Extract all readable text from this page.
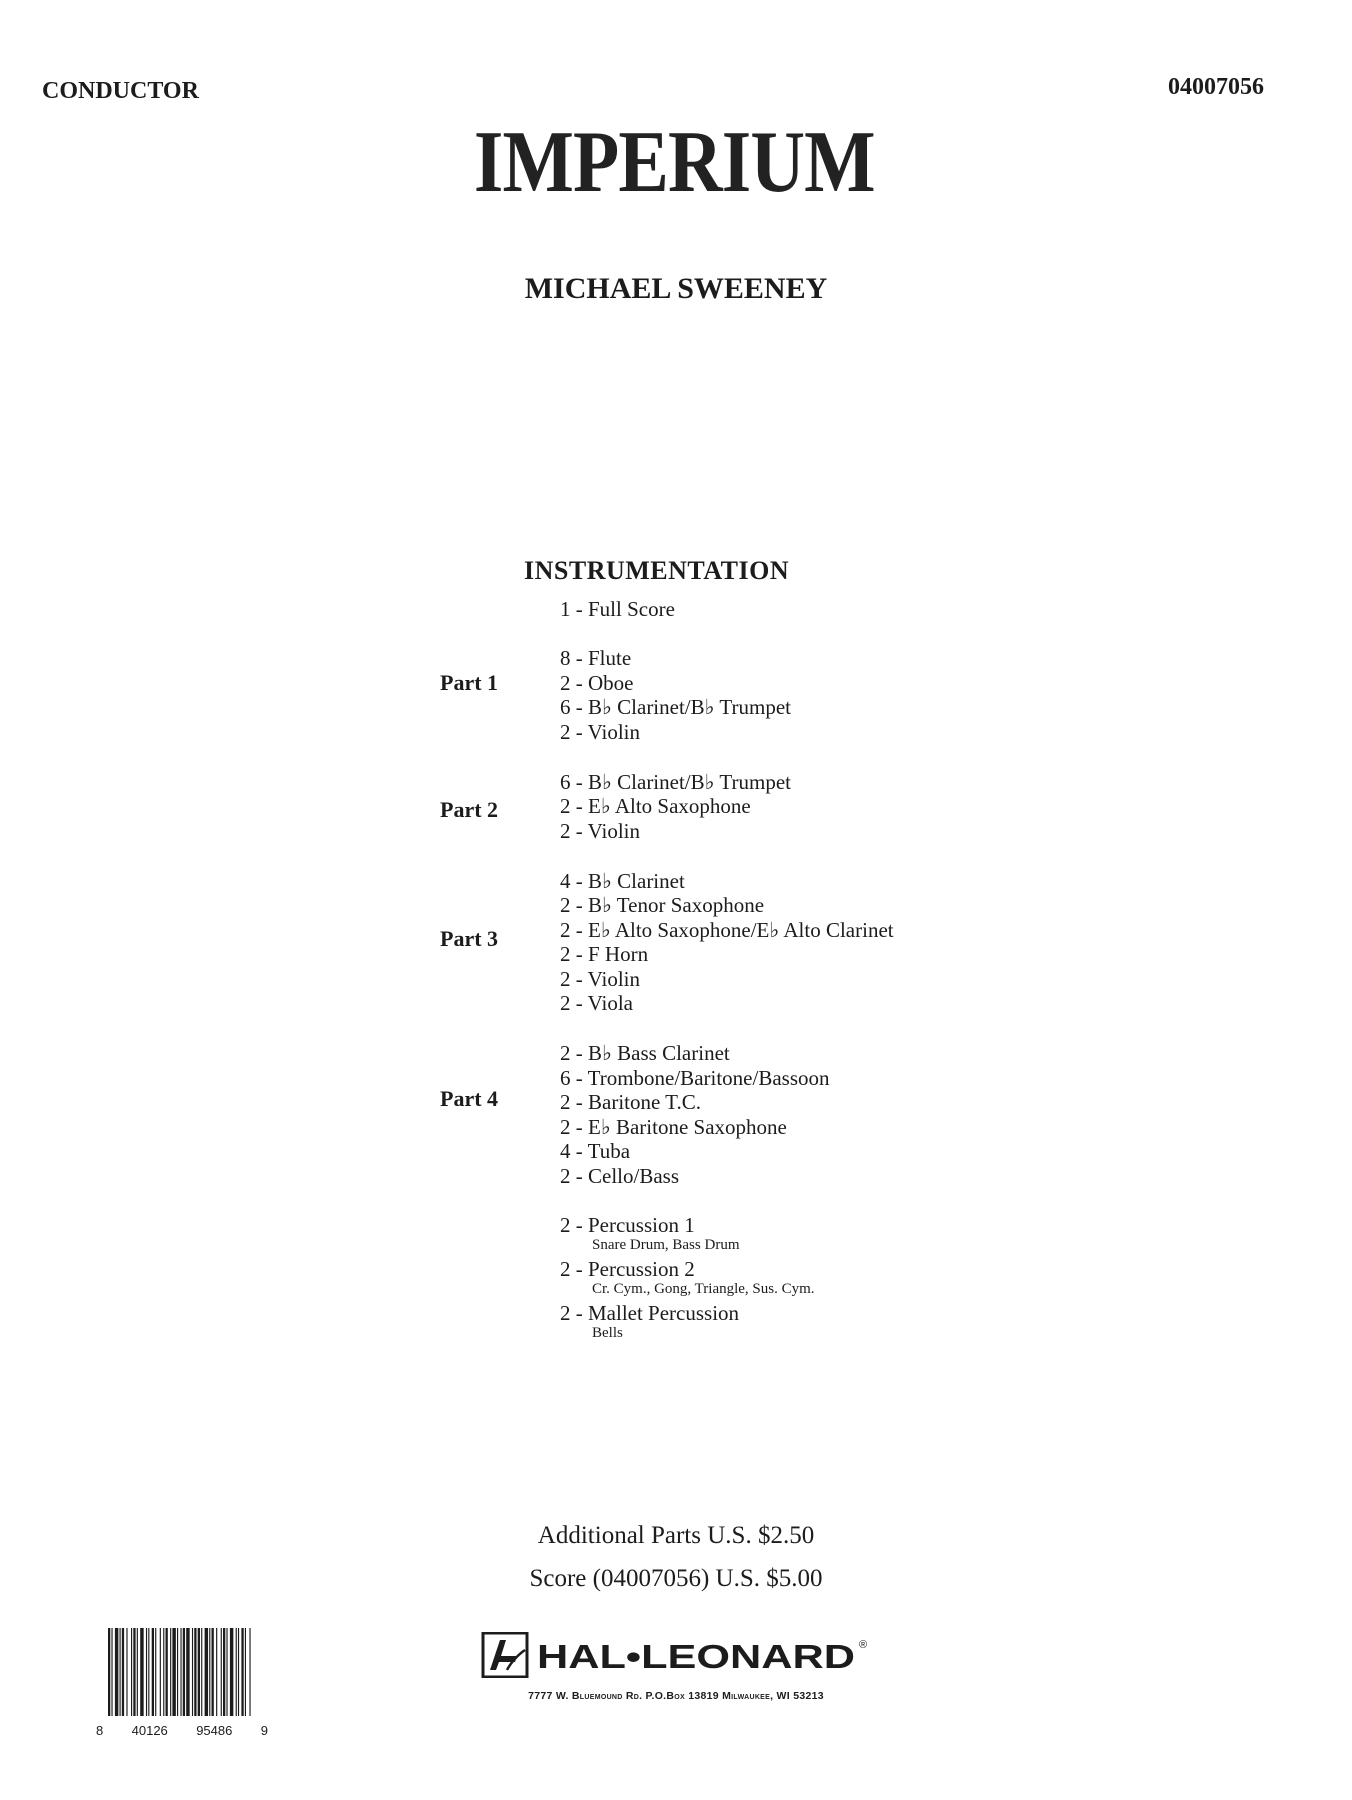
CONDUCTOR	04007056
IMPERIUM
MICHAEL SWEENEY
INSTRUMENTATION
1 - Full Score
Part 1
8 - Flute
2 - Oboe
6 - B♭ Clarinet/B♭ Trumpet
2 - Violin
Part 2
6 - B♭ Clarinet/B♭ Trumpet
2 - E♭ Alto Saxophone
2 - Violin
Part 3
4 - B♭ Clarinet
2 - B♭ Tenor Saxophone
2 - E♭ Alto Saxophone/E♭ Alto Clarinet
2 - F Horn
2 - Violin
2 - Viola
Part 4
2 - B♭ Bass Clarinet
6 - Trombone/Baritone/Bassoon
2 - Baritone T.C.
2 - E♭ Baritone Saxophone
4 - Tuba
2 - Cello/Bass
2 - Percussion 1
Snare Drum, Bass Drum
2 - Percussion 2
Cr. Cym., Gong, Triangle, Sus. Cym.
2 - Mallet Percussion
Bells
Additional Parts U.S. $2.50
Score (04007056) U.S. $5.00
8 40126 95486 9
HAL•LEONARD ®
7777 W. Bluemound Rd. P.O.Box 13819 Milwaukee, WI 53213
